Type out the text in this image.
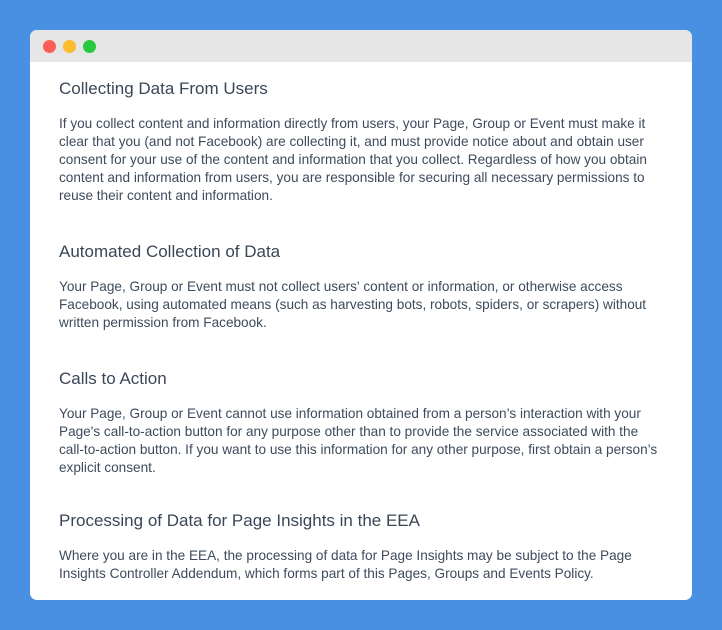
Collecting Data From Users

If you collect content and information directly from users, your Page, Group or Event must make it clear that you (and not Facebook) are collecting it, and must provide notice about and obtain user consent for your use of the content and information that you collect. Regardless of how you obtain content and information from users, you are responsible for securing all necessary permissions to reuse their content and information.

Automated Collection of Data

Your Page, Group or Event must not collect users' content or information, or otherwise access Facebook, using automated means (such as harvesting bots, robots, spiders, or scrapers) without written permission from Facebook.

Calls to Action

Your Page, Group or Event cannot use information obtained from a person’s interaction with your Page's call-to-action button for any purpose other than to provide the service associated with the call-to-action button. If you want to use this information for any other purpose, first obtain a person’s explicit consent.

Processing of Data for Page Insights in the EEA

Where you are in the EEA, the processing of data for Page Insights may be subject to the Page Insights Controller Addendum, which forms part of this Pages, Groups and Events Policy.
